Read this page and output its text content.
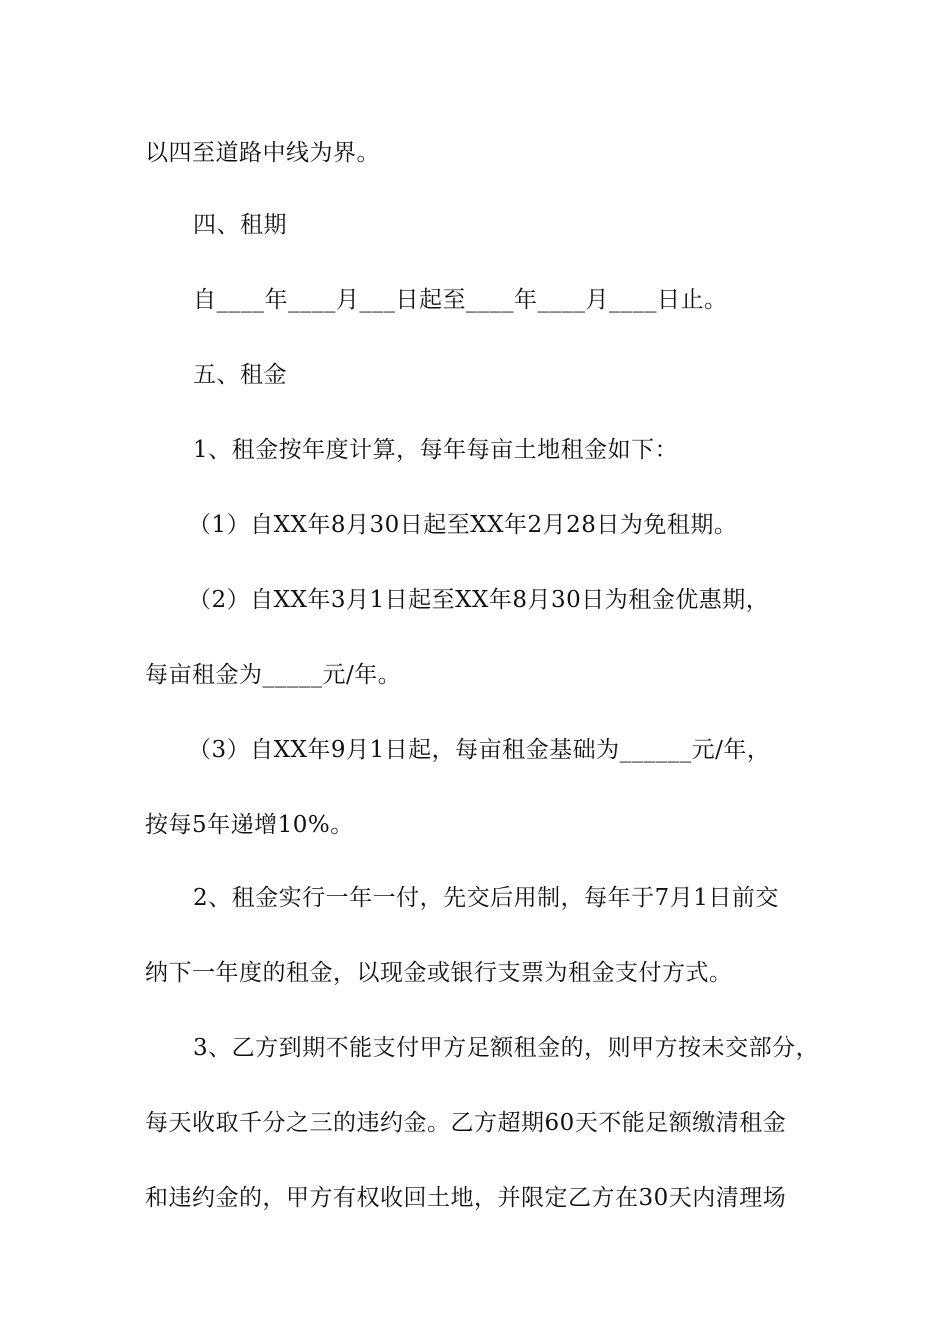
以四至道路中线为界。
四、租期
自____年____月___日起至____年____月____日止。
五、租金
1、租金按年度计算，每年每亩土地租金如下：
（1）自XX年8月30日起至XX年2月28日为免租期。
（2）自XX年3月1日起至XX年8月30日为租金优惠期，
每亩租金为_____元/年。
（3）自XX年9月1日起，每亩租金基础为______元/年，
按每5年递增10%。
2、租金实行一年一付，先交后用制，每年于7月1日前交
纳下一年度的租金，以现金或银行支票为租金支付方式。
3、乙方到期不能支付甲方足额租金的，则甲方按未交部分，
每天收取千分之三的违约金。乙方超期60天不能足额缴清租金
和违约金的，甲方有权收回土地，并限定乙方在30天内清理场
